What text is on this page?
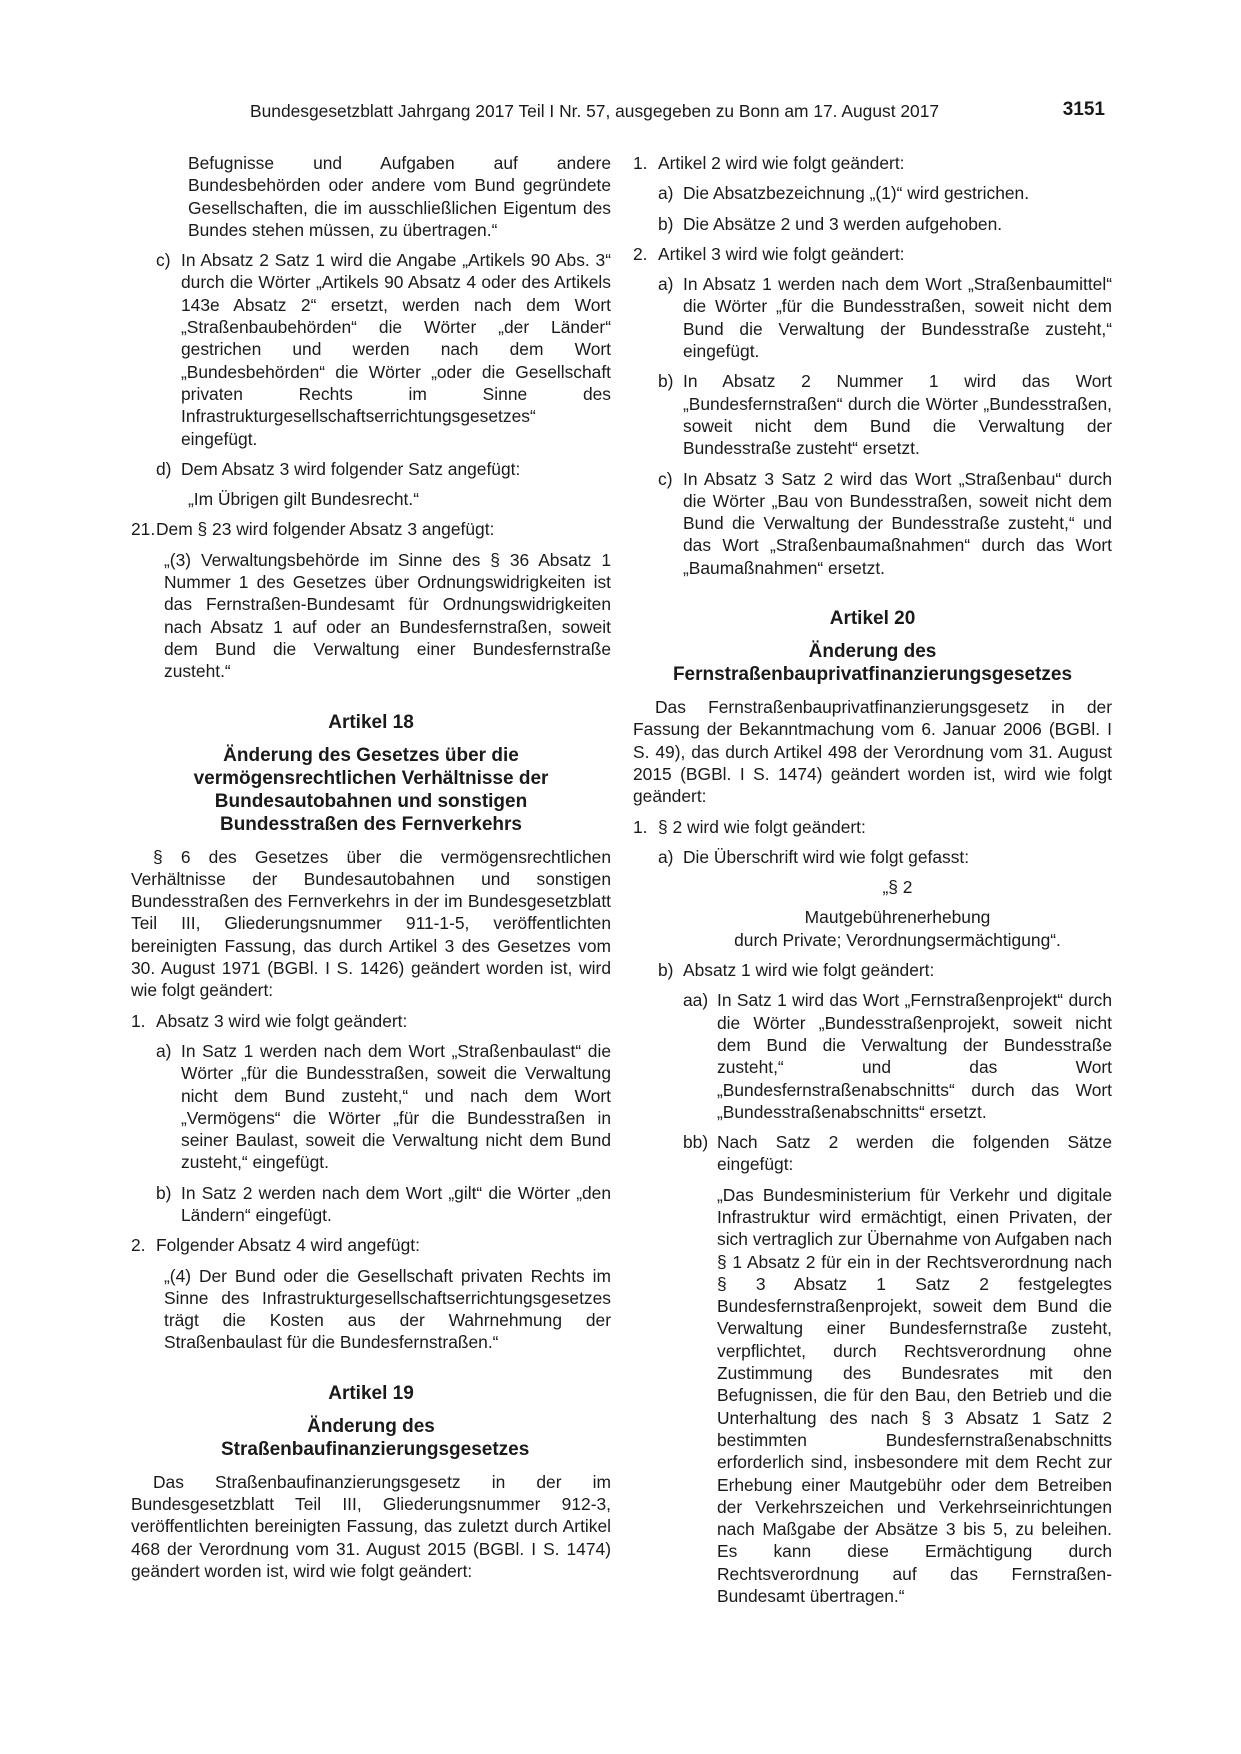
Bundesgesetzblatt Jahrgang 2017 Teil I Nr. 57, ausgegeben zu Bonn am 17. August 2017	3151

Befugnisse und Aufgaben auf andere Bundesbehörden oder andere vom Bund gegründete Gesellschaften, die im ausschließlichen Eigentum des Bundes stehen müssen, zu übertragen.“

c) In Absatz 2 Satz 1 wird die Angabe „Artikels 90 Abs. 3“ durch die Wörter „Artikels 90 Absatz 4 oder des Artikels 143e Absatz 2“ ersetzt, werden nach dem Wort „Straßenbaubehörden“ die Wörter „der Länder“ gestrichen und werden nach dem Wort „Bundesbehörden“ die Wörter „oder die Gesellschaft privaten Rechts im Sinne des Infrastrukturgesellschaftserrichtungsgesetzes“ eingefügt.
d) Dem Absatz 3 wird folgender Satz angefügt:

„Im Übrigen gilt Bundesrecht.“

21. Dem § 23 wird folgender Absatz 3 angefügt:

„(3) Verwaltungsbehörde im Sinne des § 36 Absatz 1 Nummer 1 des Gesetzes über Ordnungswidrigkeiten ist das Fernstraßen-Bundesamt für Ordnungswidrigkeiten nach Absatz 1 auf oder an Bundesfernstraßen, soweit dem Bund die Verwaltung einer Bundesfernstraße zusteht.“

Artikel 18

Änderung des Gesetzes über die vermögensrechtlichen Verhältnisse der Bundesautobahnen und sonstigen Bundesstraßen des Fernverkehrs

§ 6 des Gesetzes über die vermögensrechtlichen Verhältnisse der Bundesautobahnen und sonstigen Bundesstraßen des Fernverkehrs in der im Bundesgesetzblatt Teil III, Gliederungsnummer 911-1-5, veröffentlichten bereinigten Fassung, das durch Artikel 3 des Gesetzes vom 30. August 1971 (BGBl. I S. 1426) geändert worden ist, wird wie folgt geändert:

1. Absatz 3 wird wie folgt geändert:
a) In Satz 1 werden nach dem Wort „Straßenbaulast“ die Wörter „für die Bundesstraßen, soweit die Verwaltung nicht dem Bund zusteht,“ und nach dem Wort „Vermögens“ die Wörter „für die Bundesstraßen in seiner Baulast, soweit die Verwaltung nicht dem Bund zusteht,“ eingefügt.
b) In Satz 2 werden nach dem Wort „gilt“ die Wörter „den Ländern“ eingefügt.
2. Folgender Absatz 4 wird angefügt:

„(4) Der Bund oder die Gesellschaft privaten Rechts im Sinne des Infrastrukturgesellschaftserrichtungsgesetzes trägt die Kosten aus der Wahrnehmung der Straßenbaulast für die Bundesfernstraßen.“

Artikel 19

Änderung des Straßenbaufinanzierungsgesetzes

Das Straßenbaufinanzierungsgesetz in der im Bundesgesetzblatt Teil III, Gliederungsnummer 912-3, veröffentlichten bereinigten Fassung, das zuletzt durch Artikel 468 der Verordnung vom 31. August 2015 (BGBl. I S. 1474) geändert worden ist, wird wie folgt geändert:

1. Artikel 2 wird wie folgt geändert:
a) Die Absatzbezeichnung „(1)“ wird gestrichen.
b) Die Absätze 2 und 3 werden aufgehoben.
2. Artikel 3 wird wie folgt geändert:
a) In Absatz 1 werden nach dem Wort „Straßenbaumittel“ die Wörter „für die Bundesstraßen, soweit nicht dem Bund die Verwaltung der Bundesstraße zusteht,“ eingefügt.
b) In Absatz 2 Nummer 1 wird das Wort „Bundesfernstraßen“ durch die Wörter „Bundesstraßen, soweit nicht dem Bund die Verwaltung der Bundesstraße zusteht“ ersetzt.
c) In Absatz 3 Satz 2 wird das Wort „Straßenbau“ durch die Wörter „Bau von Bundesstraßen, soweit nicht dem Bund die Verwaltung der Bundesstraße zusteht,“ und das Wort „Straßenbaumaßnahmen“ durch das Wort „Baumaßnahmen“ ersetzt.

Artikel 20

Änderung des Fernstraßenbauprivatfinanzierungsgesetzes

Das Fernstraßenbauprivatfinanzierungsgesetz in der Fassung der Bekanntmachung vom 6. Januar 2006 (BGBl. I S. 49), das durch Artikel 498 der Verordnung vom 31. August 2015 (BGBl. I S. 1474) geändert worden ist, wird wie folgt geändert:

1. § 2 wird wie folgt geändert:
a) Die Überschrift wird wie folgt gefasst:

„§ 2

Mautgebührenerhebung

durch Private; Verordnungsermächtigung“.

b) Absatz 1 wird wie folgt geändert:
aa) In Satz 1 wird das Wort „Fernstraßenprojekt“ durch die Wörter „Bundesstraßenprojekt, soweit nicht dem Bund die Verwaltung der Bundesstraße zusteht,“ und das Wort „Bundesfernstraßenabschnitts“ durch das Wort „Bundesstraßenabschnitts“ ersetzt.
bb) Nach Satz 2 werden die folgenden Sätze eingefügt:

„Das Bundesministerium für Verkehr und digitale Infrastruktur wird ermächtigt, einen Privaten, der sich vertraglich zur Übernahme von Aufgaben nach § 1 Absatz 2 für ein in der Rechtsverordnung nach § 3 Absatz 1 Satz 2 festgelegtes Bundesfernstraßenprojekt, soweit dem Bund die Verwaltung einer Bundesfernstraße zusteht, verpflichtet, durch Rechtsverordnung ohne Zustimmung des Bundesrates mit den Befugnissen, die für den Bau, den Betrieb und die Unterhaltung des nach § 3 Absatz 1 Satz 2 bestimmten Bundesfernstraßenabschnitts erforderlich sind, insbesondere mit dem Recht zur Erhebung einer Mautgebühr oder dem Betreiben der Verkehrszeichen und Verkehrseinrichtungen nach Maßgabe der Absätze 3 bis 5, zu beleihen. Es kann diese Ermächtigung durch Rechtsverordnung auf das Fernstraßen-Bundesamt übertragen.“
